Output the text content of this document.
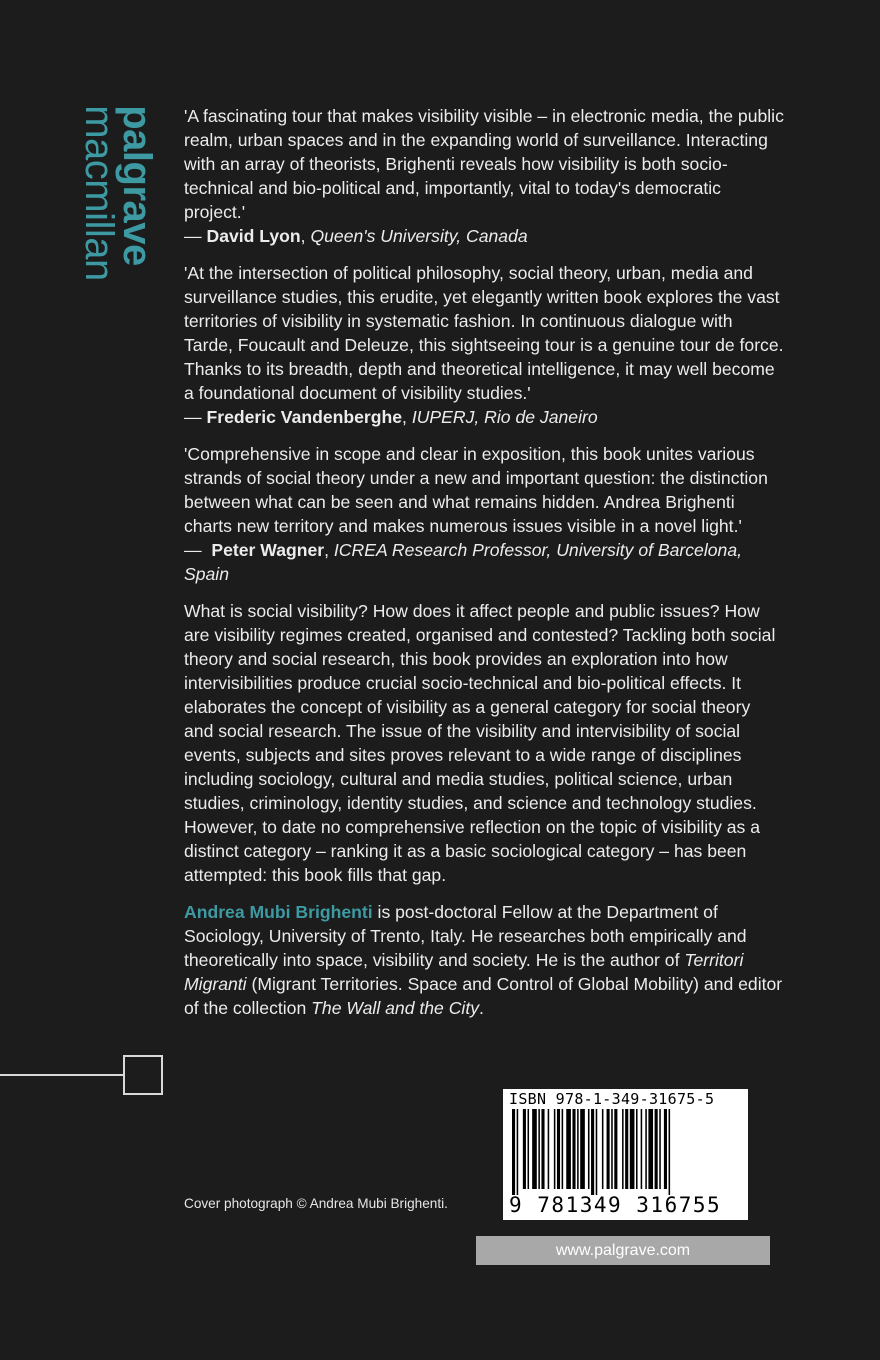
palgrave
macmillan	'A fascinating tour that makes visibility visible – in electronic media, the public realm, urban spaces and in the expanding world of surveillance. Interacting with an array of theorists, Brighenti reveals how visibility is both socio-technical and bio-political and, importantly, vital to today's democratic project.'

— David Lyon, Queen's University, Canada

'At the intersection of political philosophy, social theory, urban, media and surveillance studies, this erudite, yet elegantly written book explores the vast territories of visibility in systematic fashion. In continuous dialogue with Tarde, Foucault and Deleuze, this sightseeing tour is a genuine tour de force. Thanks to its breadth, depth and theoretical intelligence, it may well become a foundational document of visibility studies.'

— Frederic Vandenberghe, IUPERJ, Rio de Janeiro

'Comprehensive in scope and clear in exposition, this book unites various strands of social theory under a new and important question: the distinction between what can be seen and what remains hidden. Andrea Brighenti charts new territory and makes numerous issues visible in a novel light.'

—  Peter Wagner, ICREA Research Professor, University of Barcelona, Spain

What is social visibility? How does it affect people and public issues? How are visibility regimes created, organised and contested? Tackling both social theory and social research, this book provides an exploration into how intervisibilities produce crucial socio-technical and bio-political effects. It elaborates the concept of visibility as a general category for social theory and social research. The issue of the visibility and intervisibility of social events, subjects and sites proves relevant to a wide range of disciplines including sociology, cultural and media studies, political science, urban studies, criminology, identity studies, and science and technology studies.  However, to date no comprehensive reflection on the topic of visibility as a distinct category – ranking it as a basic sociological category – has been attempted: this book fills that gap.

Andrea Mubi Brighenti is post-doctoral Fellow at the Department of Sociology, University of Trento, Italy. He researches both empirically and theoretically into space, visibility and society. He is the author of Territori Migranti (Migrant Territories. Space and Control of Global Mobility) and editor of the collection The Wall and the City.

Cover photograph © Andrea Mubi Brighenti.
ISBN 978-1-349-31675-5
9 781349 316755
www.palgrave.com
